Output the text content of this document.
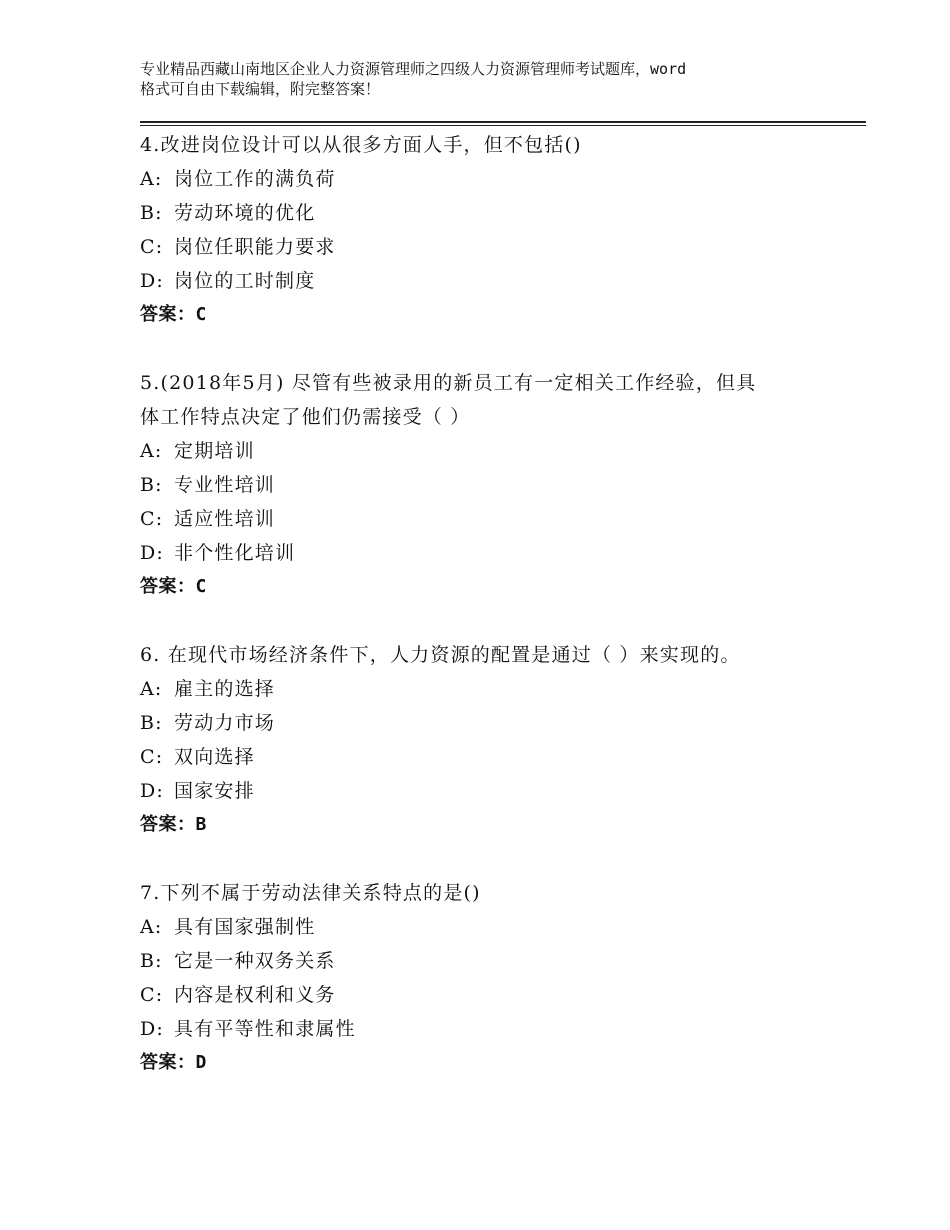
专业精品西藏山南地区企业人力资源管理师之四级人力资源管理师考试题库，word
格式可自由下载编辑，附完整答案！

4.改进岗位设计可以从很多方面人手，但不包括()

A: 岗位工作的满负荷

B: 劳动环境的优化

C: 岗位任职能力要求

D: 岗位的工时制度

答案：C

5.(2018年5月) 尽管有些被录用的新员工有一定相关工作经验，但具

体工作特点决定了他们仍需接受（ ）

A: 定期培训

B: 专业性培训

C: 适应性培训

D: 非个性化培训

答案：C

6. 在现代市场经济条件下，人力资源的配置是通过（ ）来实现的。

A: 雇主的选择

B: 劳动力市场

C: 双向选择

D: 国家安排

答案：B

7.下列不属于劳动法律关系特点的是()

A: 具有国家强制性

B: 它是一种双务关系

C: 内容是权利和义务

D: 具有平等性和隶属性

答案：D
